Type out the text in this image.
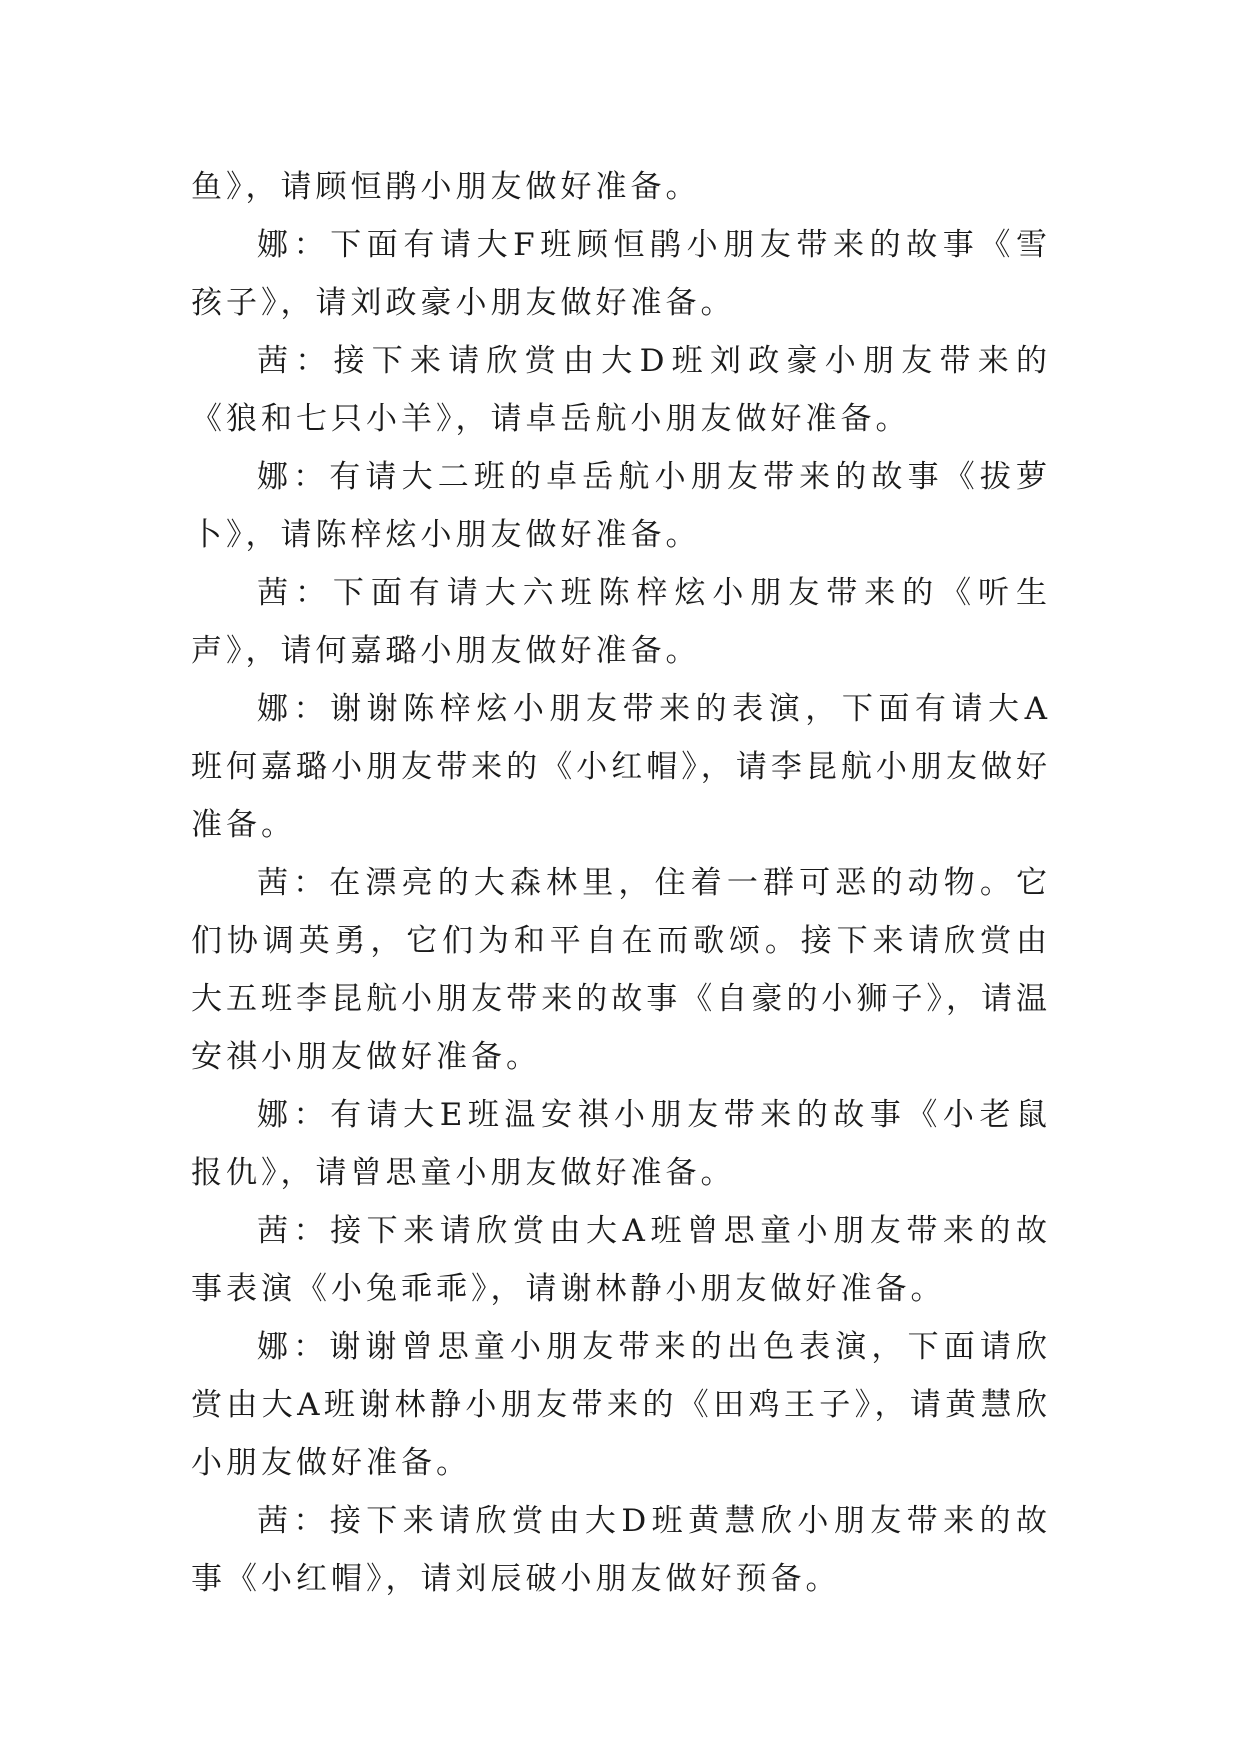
鱼》，请顾恒鹃小朋友做好准备。

娜：下面有请大F班顾恒鹃小朋友带来的故事《雪孩子》，请刘政豪小朋友做好准备。

茜：接下来请欣赏由大D班刘政豪小朋友带来的《狼和七只小羊》，请卓岳航小朋友做好准备。

娜：有请大二班的卓岳航小朋友带来的故事《拔萝卜》，请陈梓炫小朋友做好准备。

茜：下面有请大六班陈梓炫小朋友带来的《听生声》，请何嘉璐小朋友做好准备。

娜：谢谢陈梓炫小朋友带来的表演，下面有请大A班何嘉璐小朋友带来的《小红帽》，请李昆航小朋友做好准备。

茜：在漂亮的大森林里，住着一群可恶的动物。它们协调英勇，它们为和平自在而歌颂。接下来请欣赏由大五班李昆航小朋友带来的故事《自豪的小狮子》，请温安祺小朋友做好准备。

娜：有请大E班温安祺小朋友带来的故事《小老鼠报仇》，请曾思童小朋友做好准备。

茜：接下来请欣赏由大A班曾思童小朋友带来的故事表演《小兔乖乖》，请谢林静小朋友做好准备。

娜：谢谢曾思童小朋友带来的出色表演，下面请欣赏由大A班谢林静小朋友带来的《田鸡王子》，请黄慧欣小朋友做好准备。

茜：接下来请欣赏由大D班黄慧欣小朋友带来的故事《小红帽》，请刘辰破小朋友做好预备。
